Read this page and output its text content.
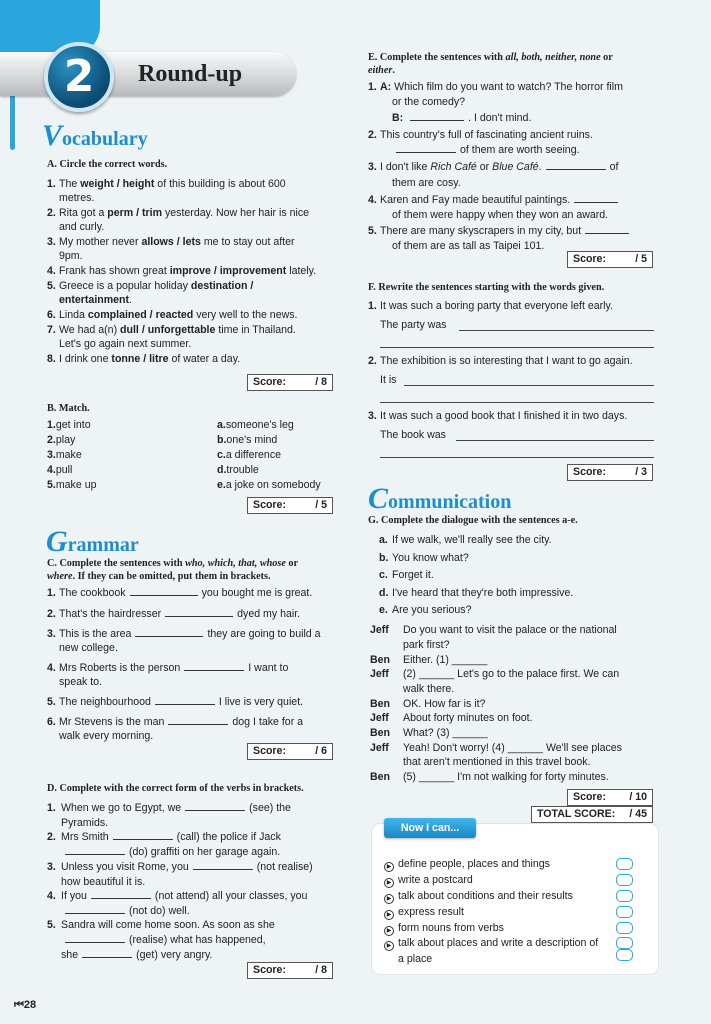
2	Round-up
Vocabulary
A. Circle the correct words.
1. The weight / height of this building is about 600
metres.
2. Rita got a perm / trim yesterday. Now her hair is nice
and curly.
3. My mother never allows / lets me to stay out after
9pm.
4. Frank has shown great improve / improvement lately.
5. Greece is a popular holiday destination /
entertainment.
6. Linda complained / reacted very well to the news.
7. We had a(n) dull / unforgettable time in Thailand.
Let's go again next summer.
8. I drink one tonne / litre of water a day.
Score:	/ 8
B. Match.
1.get into	a.someone's leg
2.play	b.one's mind
3.make	c.a difference
4.pull	d.trouble
5.make up	e.a joke on somebody
Score:	/ 5
Grammar
C. Complete the sentences with who, which, that, whose or
where. If they can be omitted, put them in brackets.
1. The cookbook	you bought me is great.
2. That's the hairdresser	dyed my hair.
3. This is the area	they are going to build a
new college.
4. Mrs Roberts is the person	I want to
speak to.
5. The neighbourhood	I live is very quiet.
6. Mr Stevens is the man	dog I take for a
walk every morning.
Score:	/ 6
D. Complete with the correct form of the verbs in brackets.
1. When we go to Egypt, we	(see) the
Pyramids.
2. Mrs Smith	(call) the police if Jack
(do) graffiti on her garage again.
3. Unless you visit Rome, you	(not realise)
how beautiful it is.
4. If you	(not attend) all your classes, you
(not do) well.
5. Sandra will come home soon. As soon as she
(realise) what has happened,
she	(get) very angry.
Score:	/ 8
E. Complete the sentences with all, both, neither, none or
either.
1. A: Which film do you want to watch? The horror film
or the comedy?
B:	. I don't mind.
2. This country's full of fascinating ancient ruins.
of them are worth seeing.
3. I don't like Rich Café or Blue Café.	of
them are cosy.
4. Karen and Fay made beautiful paintings.
of them were happy when they won an award.
5. There are many skyscrapers in my city, but
of them are as tall as Taipei 101.
Score:	/ 5
F. Rewrite the sentences starting with the words given.
1. It was such a boring party that everyone left early.
The party was
2. The exhibition is so interesting that I want to go again.
It is
3. It was such a good book that I finished it in two days.
The book was
Score:	/ 3
Communication
G. Complete the dialogue with the sentences a-e.
a. If we walk, we'll really see the city.
b. You know what?
c. Forget it.
d. I've heard that they're both impressive.
e. Are you serious?
Jeff Do you want to visit the palace or the national
park first?
Ben Either. (1) ______
Jeff (2) ______ Let's go to the palace first. We can
walk there.
Ben OK. How far is it?
Jeff About forty minutes on foot.
Ben What? (3) ______
Jeff Yeah! Don't worry! (4) ______ We'll see places
that aren't mentioned in this travel book.
Ben (5) ______ I'm not walking for forty minutes.
Score: / 10
TOTAL SCORE: / 45
Now I can...
▶ define people, places and things
▶ write a postcard
▶ talk about conditions and their results
▶ express result
▶ form nouns from verbs
▶ talk about places and write a description of
a place
⏮28
